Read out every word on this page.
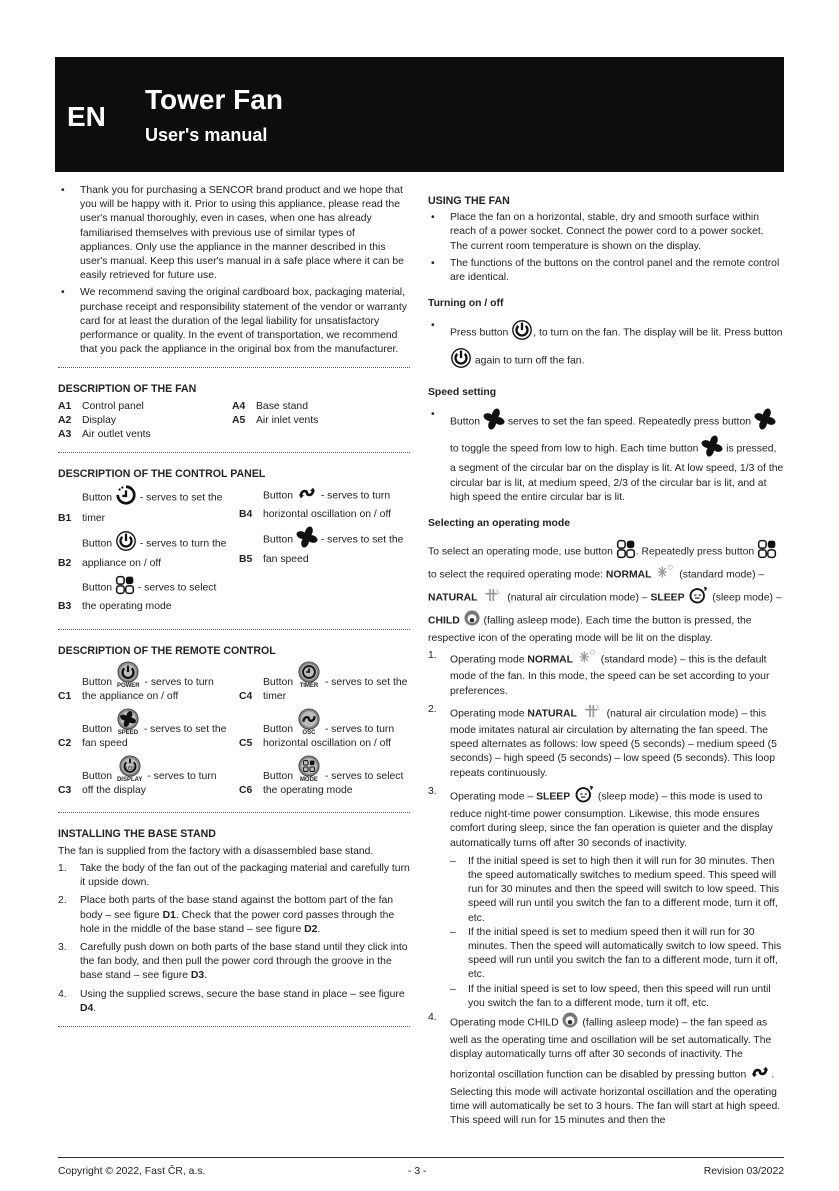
EN
Tower Fan
User's manual
• Thank you for purchasing a SENCOR brand product and we hope that you will be happy with it. Prior to using this appliance, please read the user's manual thoroughly, even in cases, when one has already familiarised themselves with previous use of similar types of appliances. Only use the appliance in the manner described in this user's manual. Keep this user's manual in a safe place where it can be easily retrieved for future use.
• We recommend saving the original cardboard box, packaging material, purchase receipt and responsibility statement of the vendor or warranty card for at least the duration of the legal liability for unsatisfactory performance or quality. In the event of transportation, we recommend that you pack the appliance in the original box from the manufacturer.
DESCRIPTION OF THE FAN
A1	Control panel	A4	Base stand
A2	Display	A5	Air inlet vents
A3	Air outlet vents
DESCRIPTION OF THE CONTROL PANEL
B1
Button  - serves to set the timer
B2
Button  - serves to turn the appliance on / off
B3
Button  - serves to select the operating mode
B4
Button  - serves to turn horizontal oscillation on / off
B5
Button  - serves to set the fan speed
DESCRIPTION OF THE REMOTE CONTROL
C1
Button POWER - serves to turn the appliance on / off
C2
Button SPEED - serves to set the fan speed
C3
Button
LED
DISPLAY - serves to turn off the display
C4
Button TIMER - serves to set the timer
C5
Button OSC - serves to turn horizontal oscillation on / off
C6
Button MODE - serves to select the operating mode
INSTALLING THE BASE STAND
The fan is supplied from the factory with a disassembled base stand.
1.	Take the body of the fan out of the packaging material and carefully turn it upside down.
2.	Place both parts of the base stand against the bottom part of the fan body – see figure D1. Check that the power cord passes through the hole in the middle of the base stand – see figure D2.
3.	Carefully push down on both parts of the base stand until they click into the fan body, and then pull the power cord through the groove in the base stand – see figure D3.
4.	Using the supplied screws, secure the base stand in place – see figure D4.
USING THE FAN
• Place the fan on a horizontal, stable, dry and smooth surface within reach of a power socket. Connect the power cord to a power socket. The current room temperature is shown on the display.
• The functions of the buttons on the control panel and the remote control are identical.
Turning on / off
• Press button , to turn on the fan. The display will be lit. Press button  again to turn off the fan.
Speed setting
• Button  serves to set the fan speed. Repeatedly press button  to toggle the speed from low to high. Each time button  is pressed, a segment of the circular bar on the display is lit. At low speed, 1/3 of the circular bar is lit, at medium speed, 2/3 of the circular bar is lit, and at high speed the entire circular bar is lit.
Selecting an operating mode
To select an operating mode, use button . Repeatedly press button  to select the required operating mode: NORMAL  (standard mode) – NATURAL	(natural air circulation mode) – SLEEP  (sleep mode) – CHILD  (falling asleep mode). Each time the button is pressed, the respective icon of the operating mode will be lit on the display.
1.	Operating mode NORMAL  (standard mode) – this is the default mode of the fan. In this mode, the speed can be set according to your preferences.
2.	Operating mode NATURAL	(natural air circulation mode) – this mode imitates natural air circulation by alternating the fan speed. The speed alternates as follows: low speed (5 seconds) – medium speed (5 seconds) – high speed (5 seconds) – low speed (5 seconds). This loop repeats continuously.
3.	Operating mode – SLEEP  (sleep mode) – this mode is used to reduce night-time power consumption. Likewise, this mode ensures comfort during sleep, since the fan operation is quieter and the display automatically turns off after 30 seconds of inactivity.
–	If the initial speed is set to high then it will run for 30 minutes. Then the speed automatically switches to medium speed. This speed will run for 30 minutes and then the speed will switch to low speed. This speed will run until you switch the fan to a different mode, turn it off, etc.
–	If the initial speed is set to medium speed then it will run for 30 minutes. Then the speed will automatically switch to low speed. This speed will run until you switch the fan to a different mode, turn it off, etc.
–	If the initial speed is set to low speed, then this speed will run until you switch the fan to a different mode, turn it off, etc.
4.	Operating mode CHILD  (falling asleep mode) – the fan speed as well as the operating time and oscillation will be set automatically. The display automatically turns off after 30 seconds of inactivity. The horizontal oscillation function can be disabled by pressing button .
Selecting this mode will activate horizontal oscillation and the operating time will automatically be set to 3 hours. The fan will start at high speed. This speed will run for 15 minutes and then the
Copyright © 2022, Fast ČR, a.s.	- 3 -	Revision 03/2022
